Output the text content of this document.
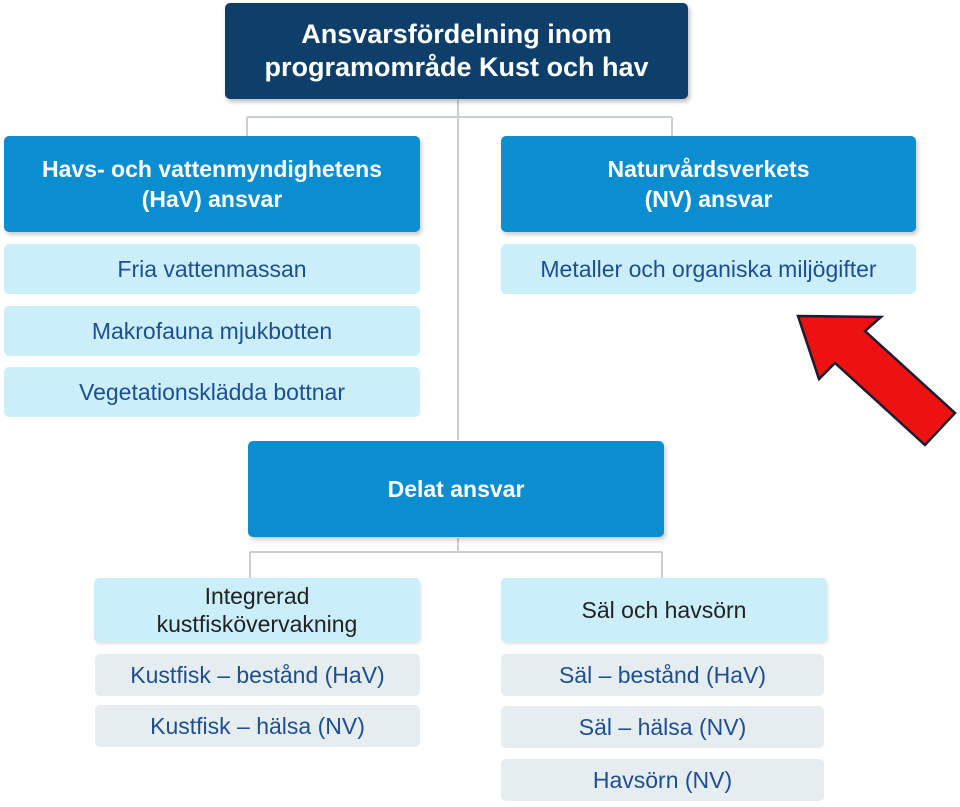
Ansvarsfördelning inom
programområde Kust och hav
Havs- och vattenmyndighetens
(HaV) ansvar
Fria vattenmassan
Makrofauna mjukbotten
Vegetationsklädda bottnar
Naturvårdsverkets
(NV) ansvar
Metaller och organiska miljögifter
Delat ansvar
Integrerad
kustfiskövervakning
Kustfisk – bestånd (HaV)
Kustfisk – hälsa (NV)
Säl och havsörn
Säl – bestånd (HaV)
Säl – hälsa (NV)
Havsörn (NV)
